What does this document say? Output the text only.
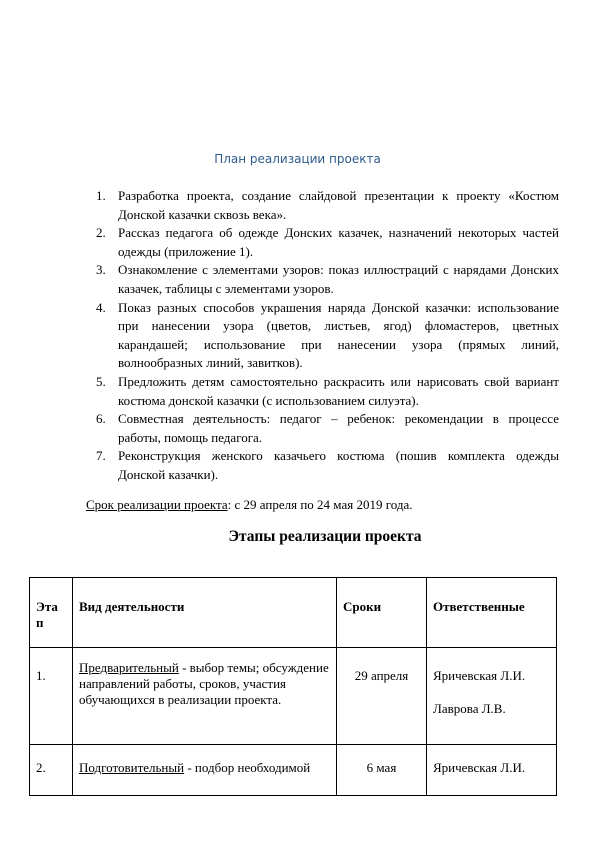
План реализации проекта
1. Разработка проекта, создание слайдовой презентации к проекту «Костюм Донской казачки сквозь века».
2. Рассказ педагога об одежде Донских казачек, назначений некоторых частей одежды (приложение 1).
3. Ознакомление с элементами узоров: показ иллюстраций с нарядами Донских казачек, таблицы с элементами узоров.
4. Показ разных способов украшения наряда Донской казачки: использование при нанесении узора (цветов, листьев, ягод) фломастеров, цветных карандашей; использование при нанесении узора (прямых линий, волнообразных линий, завитков).
5. Предложить детям самостоятельно раскрасить или нарисовать свой вариант костюма донской казачки (с использованием силуэта).
6. Совместная деятельность: педагог – ребенок: рекомендации в процессе работы, помощь педагога.
7. Реконструкция женского казачьего костюма (пошив комплекта одежды Донской казачки).
Срок реализации проекта: с 29 апреля по 24 мая 2019 года.
Этапы реализации проекта
Эта п	Вид деятельности	Сроки	Ответственные

1.	Предварительный - выбор темы; обсуждение направлений работы, сроков, участия обучающихся в реализации проекта.	29 апреля	Яричевская Л.И.
Лаврова Л.В.

2.	Подготовительный - подбор необходимой	6 мая	Яричевская Л.И.
